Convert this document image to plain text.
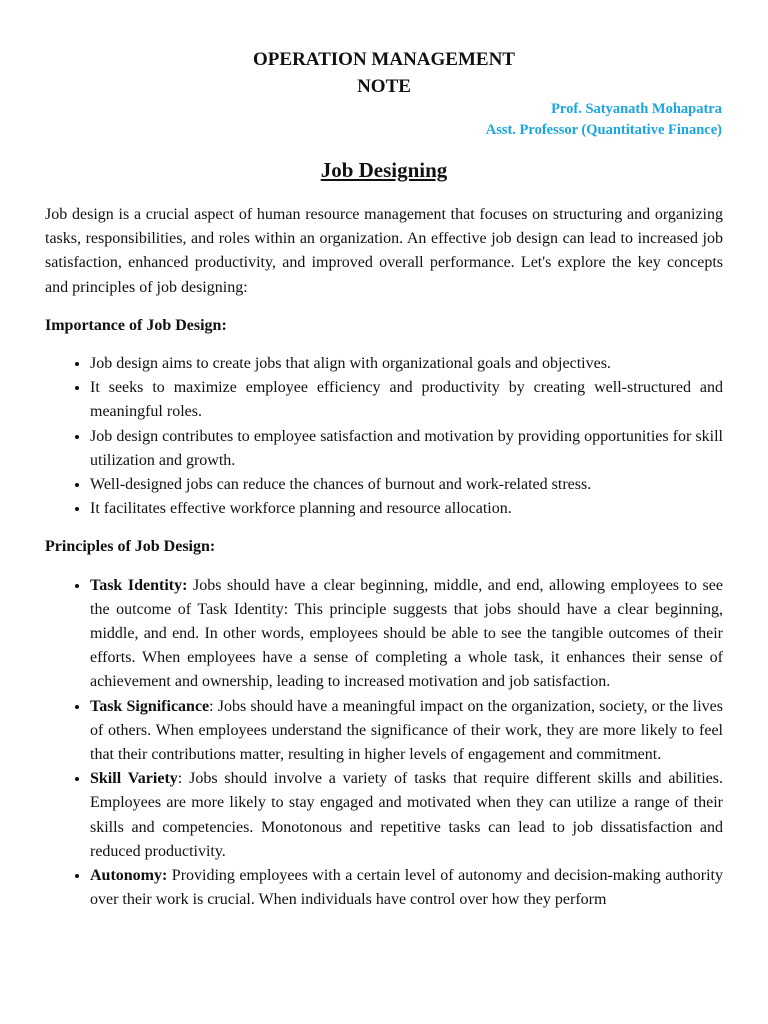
OPERATION MANAGEMENT
NOTE
Prof. Satyanath Mohapatra
Asst. Professor (Quantitative Finance)
Job Designing

Job design is a crucial aspect of human resource management that focuses on structuring and organizing tasks, responsibilities, and roles within an organization. An effective job design can lead to increased job satisfaction, enhanced productivity, and improved overall performance. Let's explore the key concepts and principles of job designing:

Importance of Job Design:

• Job design aims to create jobs that align with organizational goals and objectives.
• It seeks to maximize employee efficiency and productivity by creating well-structured and meaningful roles.
• Job design contributes to employee satisfaction and motivation by providing opportunities for skill utilization and growth.
• Well-designed jobs can reduce the chances of burnout and work-related stress.
• It facilitates effective workforce planning and resource allocation.

Principles of Job Design:

• Task Identity: Jobs should have a clear beginning, middle, and end, allowing employees to see the outcome of Task Identity: This principle suggests that jobs should have a clear beginning, middle, and end. In other words, employees should be able to see the tangible outcomes of their efforts. When employees have a sense of completing a whole task, it enhances their sense of achievement and ownership, leading to increased motivation and job satisfaction.
• Task Significance: Jobs should have a meaningful impact on the organization, society, or the lives of others. When employees understand the significance of their work, they are more likely to feel that their contributions matter, resulting in higher levels of engagement and commitment.
• Skill Variety: Jobs should involve a variety of tasks that require different skills and abilities. Employees are more likely to stay engaged and motivated when they can utilize a range of their skills and competencies. Monotonous and repetitive tasks can lead to job dissatisfaction and reduced productivity.
• Autonomy: Providing employees with a certain level of autonomy and decision-making authority over their work is crucial. When individuals have control over how they perform
